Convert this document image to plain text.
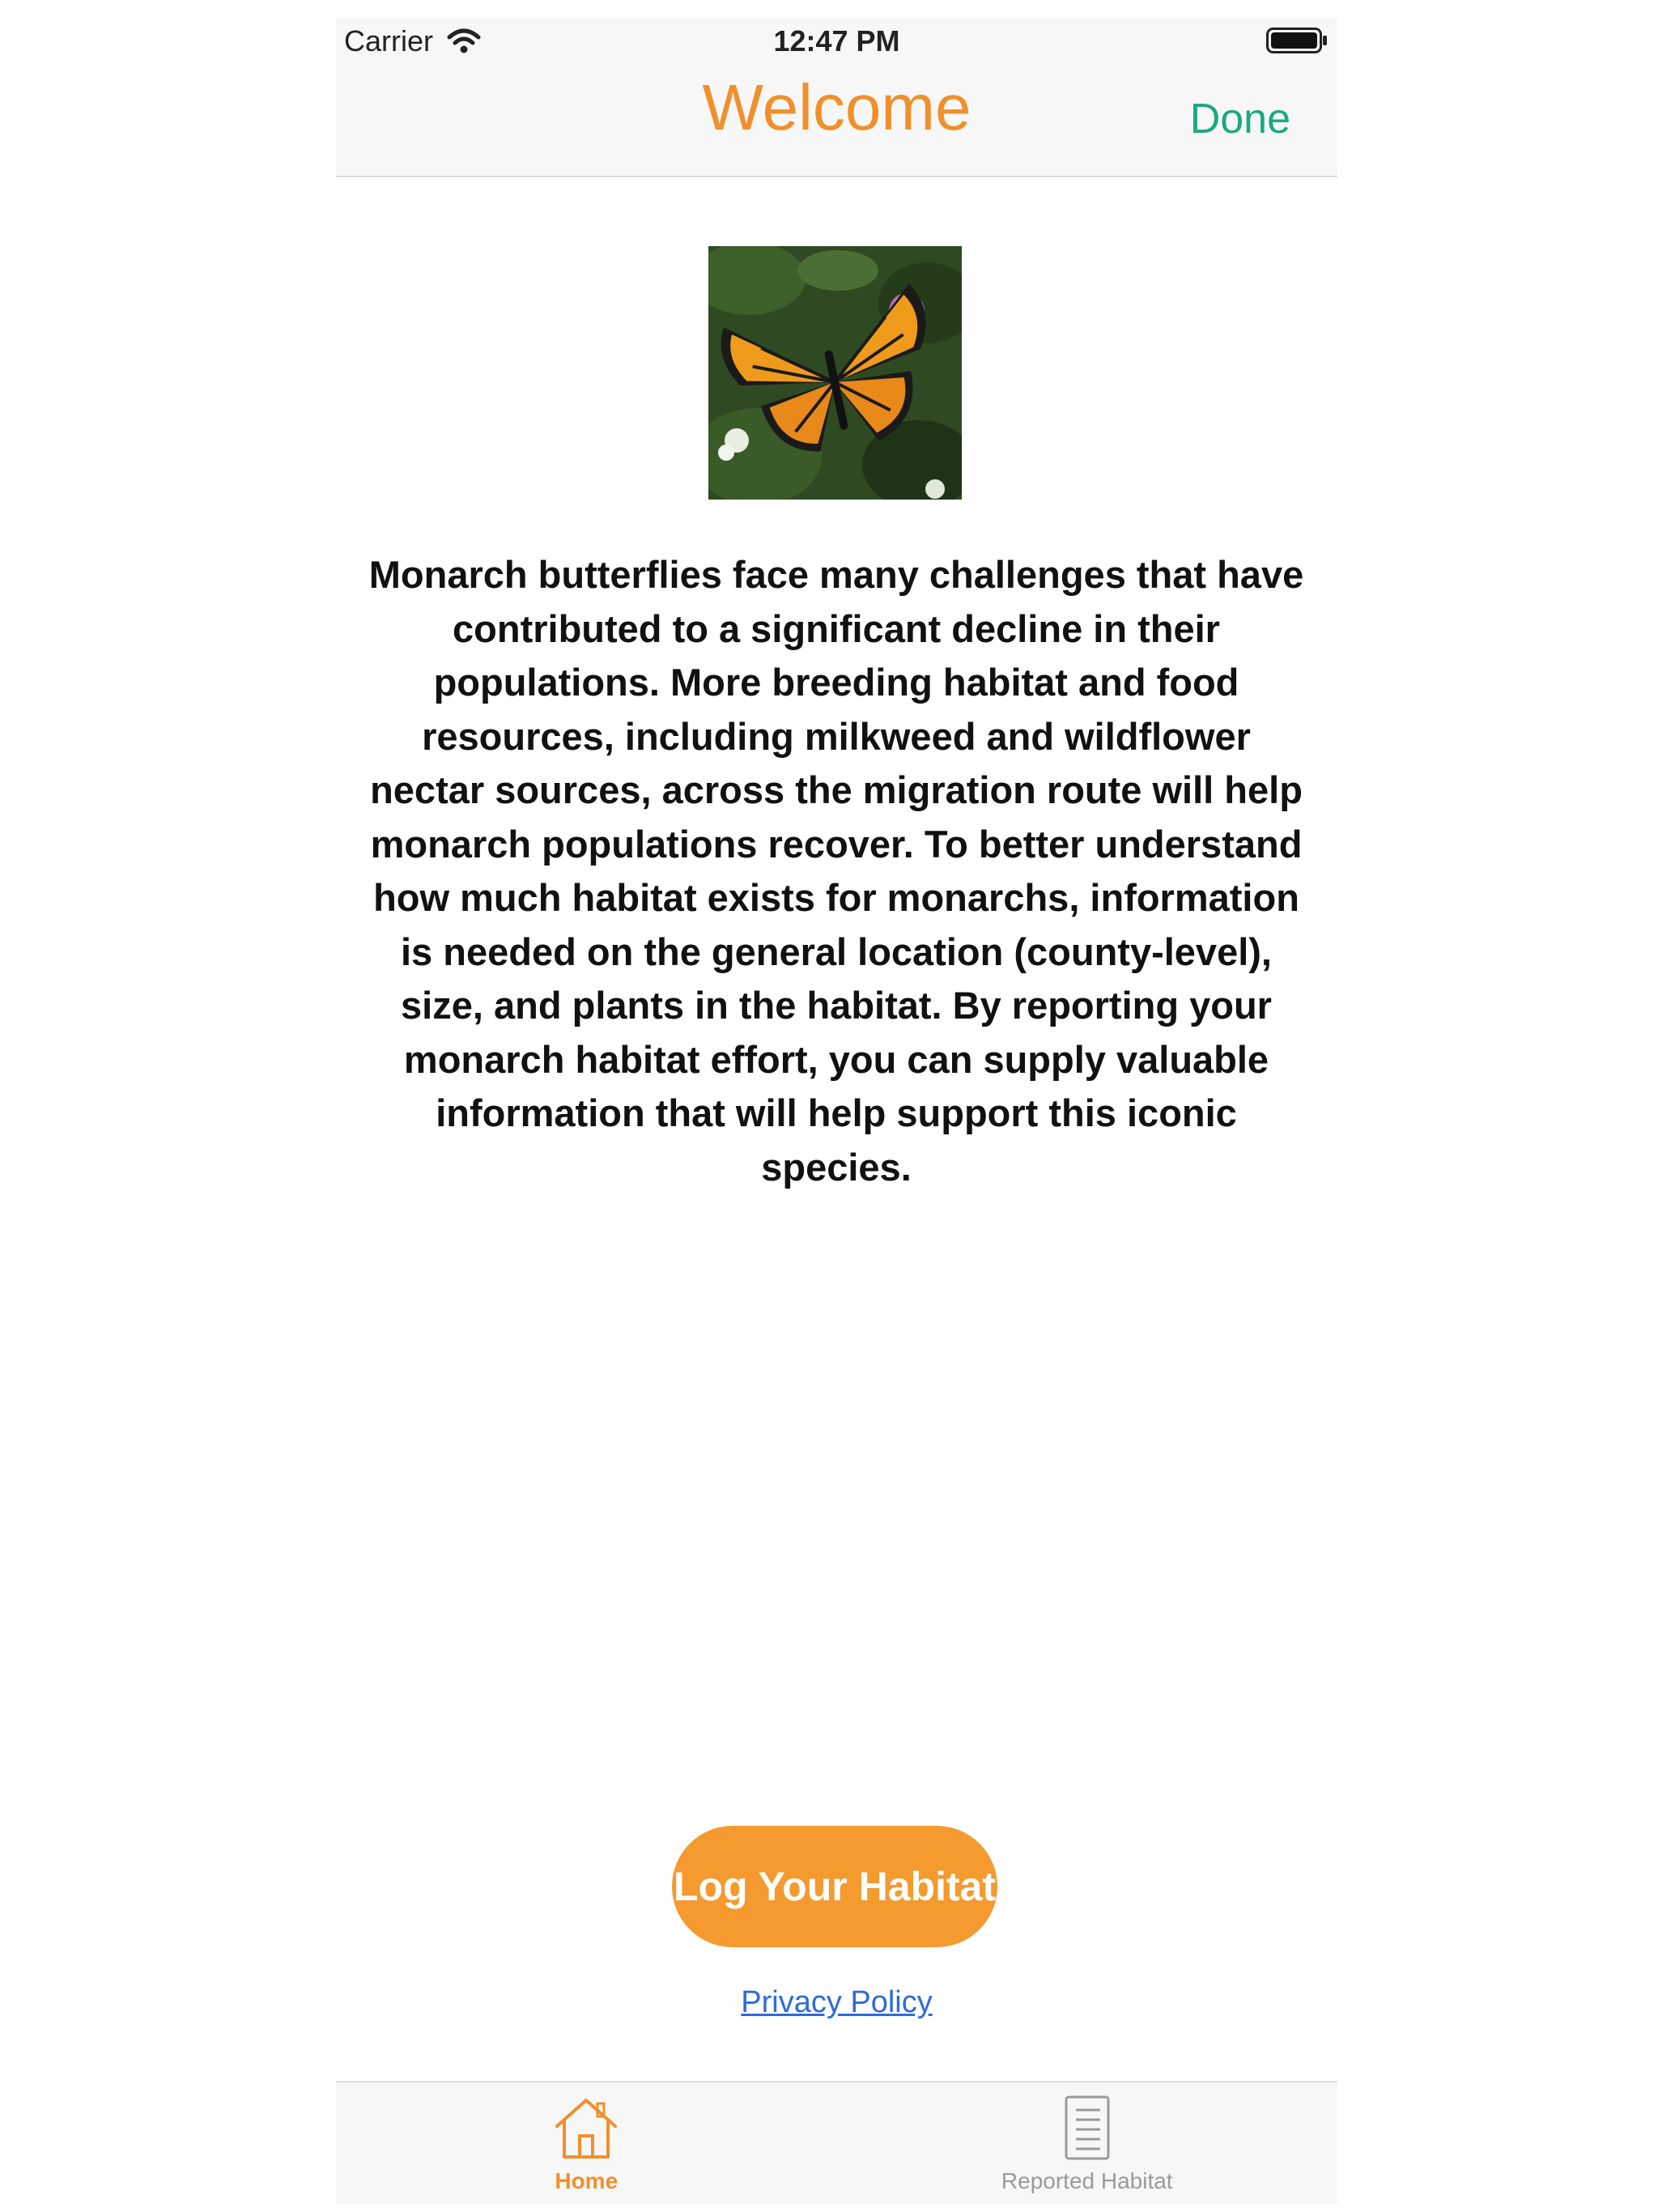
Carrier	12:47 PM
Welcome	Done

Monarch butterflies face many challenges that have contributed to a significant decline in their populations. More breeding habitat and food resources, including milkweed and wildflower nectar sources, across the migration route will help monarch populations recover. To better understand how much habitat exists for monarchs, information is needed on the general location (county-level), size, and plants in the habitat. By reporting your monarch habitat effort, you can supply valuable information that will help support this iconic species.

Log Your Habitat
Privacy Policy
Home	Reported Habitat
